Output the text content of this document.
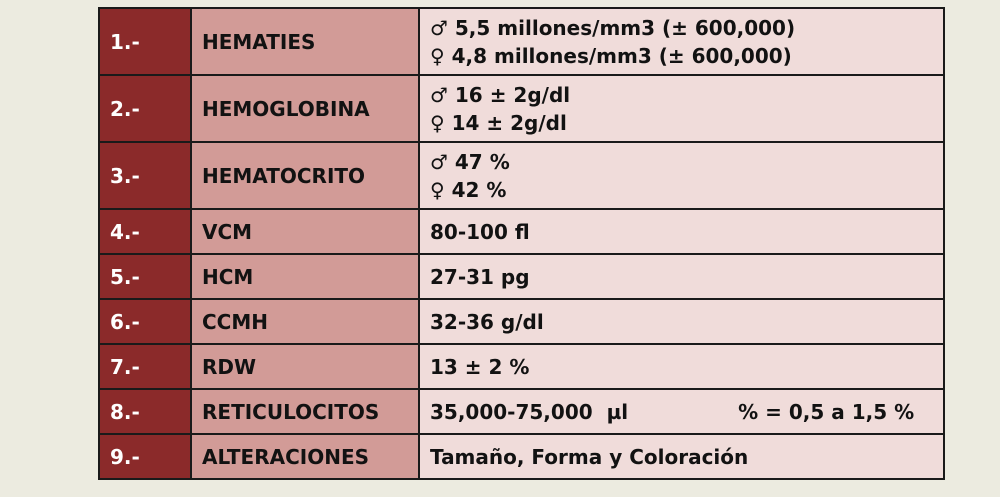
1.-	HEMATIES	♂ 5,5 millones/mm3 (± 600,000)
♀ 4,8 millones/mm3 (± 600,000)

2.-	HEMOGLOBINA	♂ 16 ± 2g/dl
♀ 14 ± 2g/dl

3.-	HEMATOCRITO	♂ 47 %
♀ 42 %

4.-	VCM	80-100 fl
5.-	HCM	27-31 pg
6.-	CCMH	32-36 g/dl
7.-	RDW	13 ± 2 %
8.-	RETICULOCITOS	35,000-75,000  µl % = 0,5 a 1,5 %
9.-	ALTERACIONES	Tamaño, Forma y Coloración
